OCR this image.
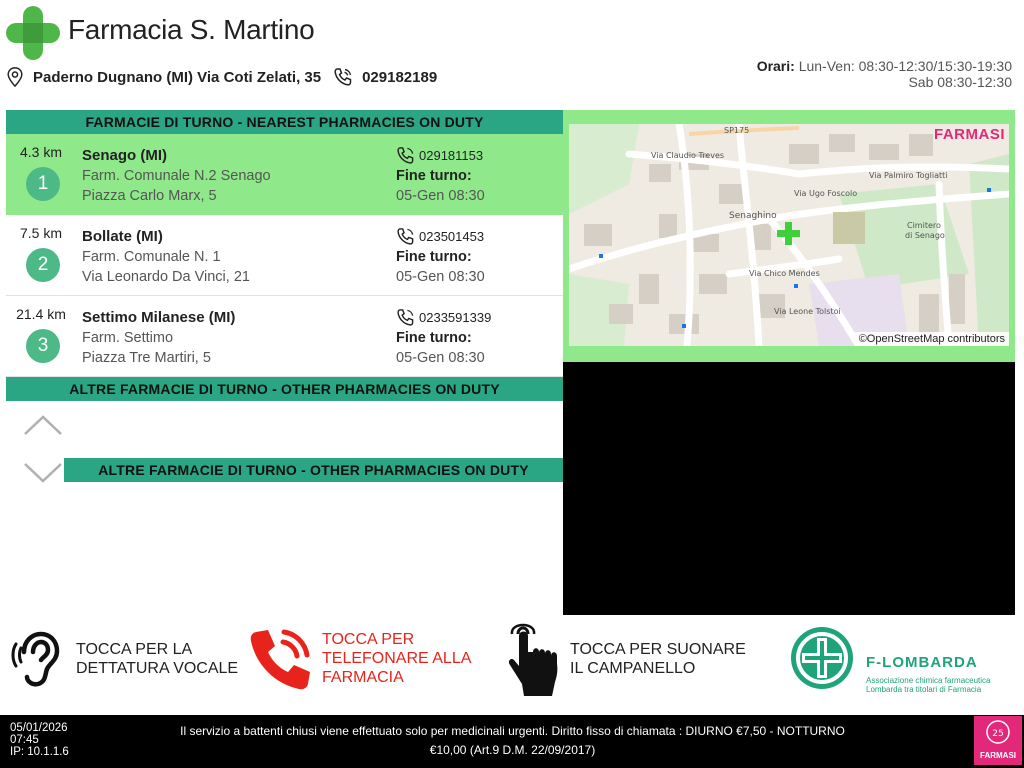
Farmacia S. Martino
Paderno Dugnano (MI) Via Coti Zelati, 35	029182189
Orari: Lun-Ven: 08:30-12:30/15:30-19:30
Sab 08:30-12:30
FARMACIE DI TURNO - NEAREST PHARMACIES ON DUTY
4.3 km
1
Senago (MI)
Farm. Comunale N.2 Senago
Piazza Carlo Marx, 5
029181153
Fine turno:
05-Gen 08:30
7.5 km
2
Bollate (MI)
Farm. Comunale N. 1
Via Leonardo Da Vinci, 21
023501453
Fine turno:
05-Gen 08:30
21.4 km
3
Settimo Milanese (MI)
Farm. Settimo
Piazza Tre Martiri, 5
0233591339
Fine turno:
05-Gen 08:30
ALTRE FARMACIE DI TURNO - OTHER PHARMACIES ON DUTY
ALTRE FARMACIE DI TURNO - OTHER PHARMACIES ON DUTY
SP175
Via Claudio Treves
Via Ugo Foscolo
Via Palmiro Togliatti
Senaghino
Cimitero
di Senago
Via Chico Mendes
Via Leone Tolstoi
FARMASI
©OpenStreetMap contributors
TOCCA PER LA
DETTATURA VOCALE
TOCCA PER
TELEFONARE ALLA
FARMACIA
TOCCA PER SUONARE
IL CAMPANELLO	F-LOMBARDA
Associazione chimica farmaceutica
Lombarda tra titolari di Farmacia
05/01/2026
07:45
IP: 10.1.1.6
Il servizio a battenti chiusi viene effettuato solo per medicinali urgenti. Diritto fisso di chiamata : DIURNO €7,50 - NOTTURNO
€10,00 (Art.9 D.M. 22/09/2017)
25
FARMASI
